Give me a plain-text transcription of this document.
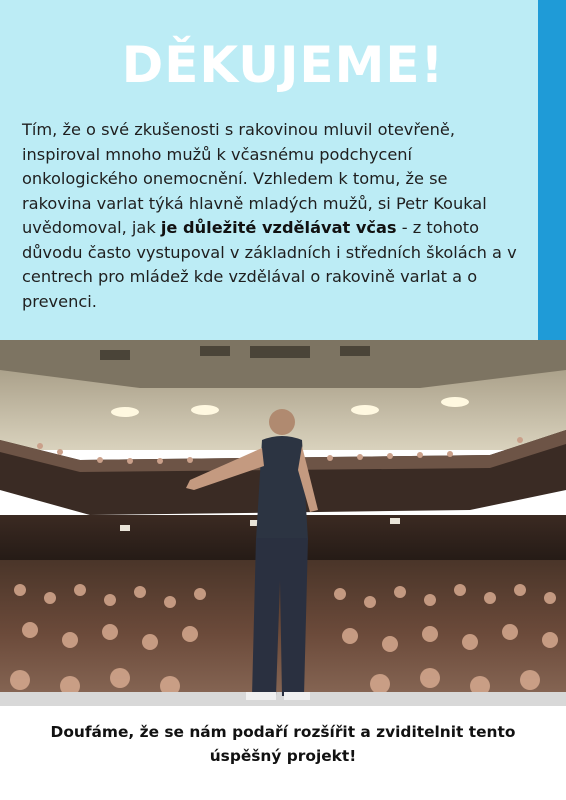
DĚKUJEME!
Tím, že o své zkušenosti s rakovinou mluvil otevřeně, inspiroval mnoho mužů k včasnému podchycení onkologického onemocnění. Vzhledem k tomu, že se rakovina varlat týká hlavně mladých mužů, si Petr Koukal uvědomoval, jak je důležité vzdělávat včas - z tohoto důvodu často vystupoval v základních i středních školách a v centrech pro mládež kde vzdělával o rakovině varlat a o prevenci.
Doufáme, že se nám podaří rozšířit a zviditelnit tento úspěšný projekt!
